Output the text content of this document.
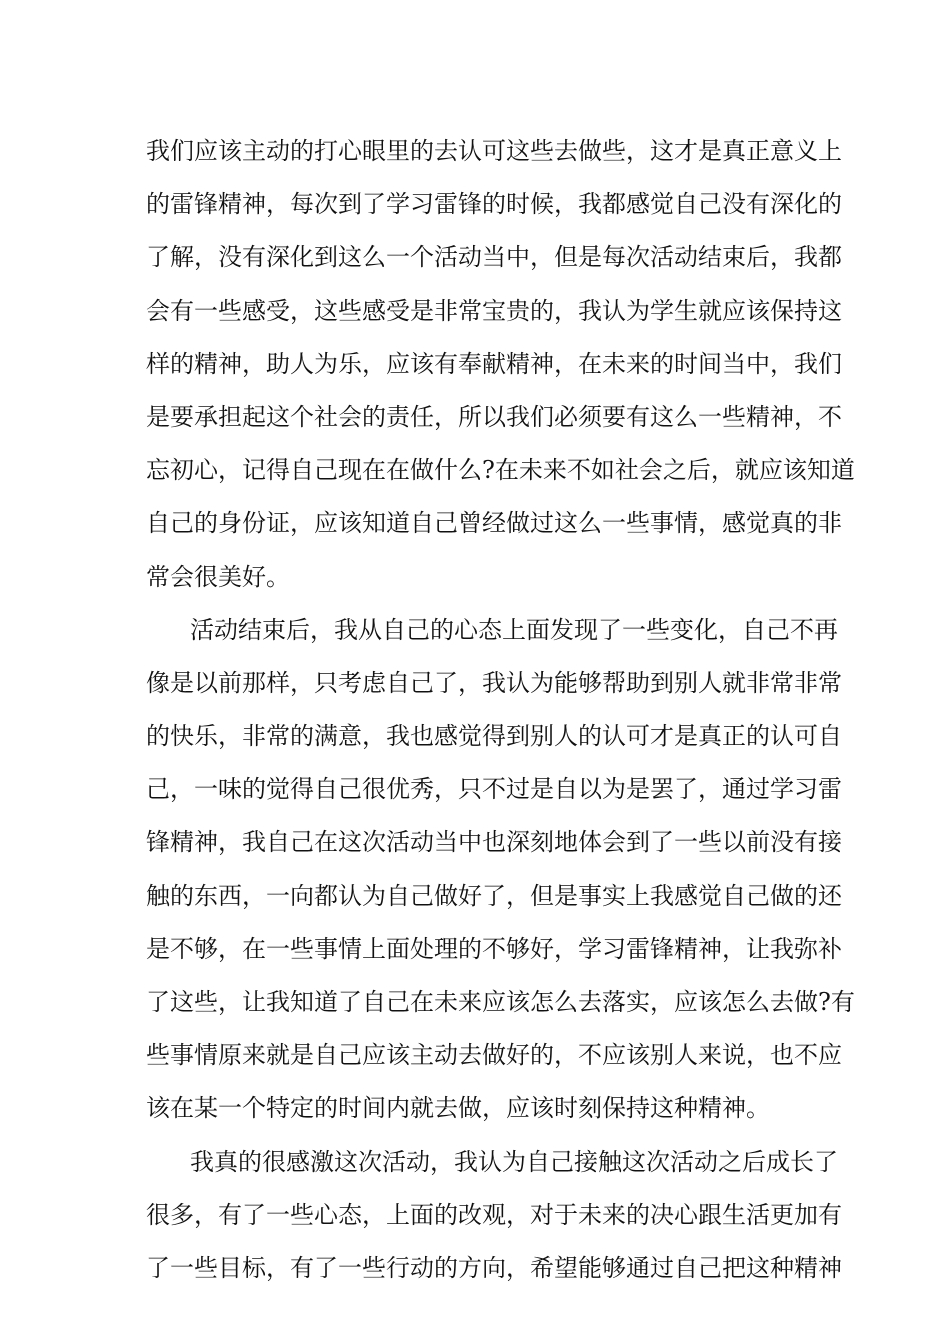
我们应该主动的打心眼里的去认可这些去做些，这才是真正意义上
的雷锋精神，每次到了学习雷锋的时候，我都感觉自己没有深化的
了解，没有深化到这么一个活动当中，但是每次活动结束后，我都
会有一些感受，这些感受是非常宝贵的，我认为学生就应该保持这
样的精神，助人为乐，应该有奉献精神，在未来的时间当中，我们
是要承担起这个社会的责任，所以我们必须要有这么一些精神，不
忘初心，记得自己现在在做什么?在未来不如社会之后，就应该知道
自己的身份证，应该知道自己曾经做过这么一些事情，感觉真的非
常会很美好。
活动结束后，我从自己的心态上面发现了一些变化，自己不再
像是以前那样，只考虑自己了，我认为能够帮助到别人就非常非常
的快乐，非常的满意，我也感觉得到别人的认可才是真正的认可自
己，一味的觉得自己很优秀，只不过是自以为是罢了，通过学习雷
锋精神，我自己在这次活动当中也深刻地体会到了一些以前没有接
触的东西，一向都认为自己做好了，但是事实上我感觉自己做的还
是不够，在一些事情上面处理的不够好，学习雷锋精神，让我弥补
了这些，让我知道了自己在未来应该怎么去落实，应该怎么去做?有
些事情原来就是自己应该主动去做好的，不应该别人来说，也不应
该在某一个特定的时间内就去做，应该时刻保持这种精神。
我真的很感激这次活动，我认为自己接触这次活动之后成长了
很多，有了一些心态，上面的改观，对于未来的决心跟生活更加有
了一些目标，有了一些行动的方向，希望能够通过自己把这种精神
